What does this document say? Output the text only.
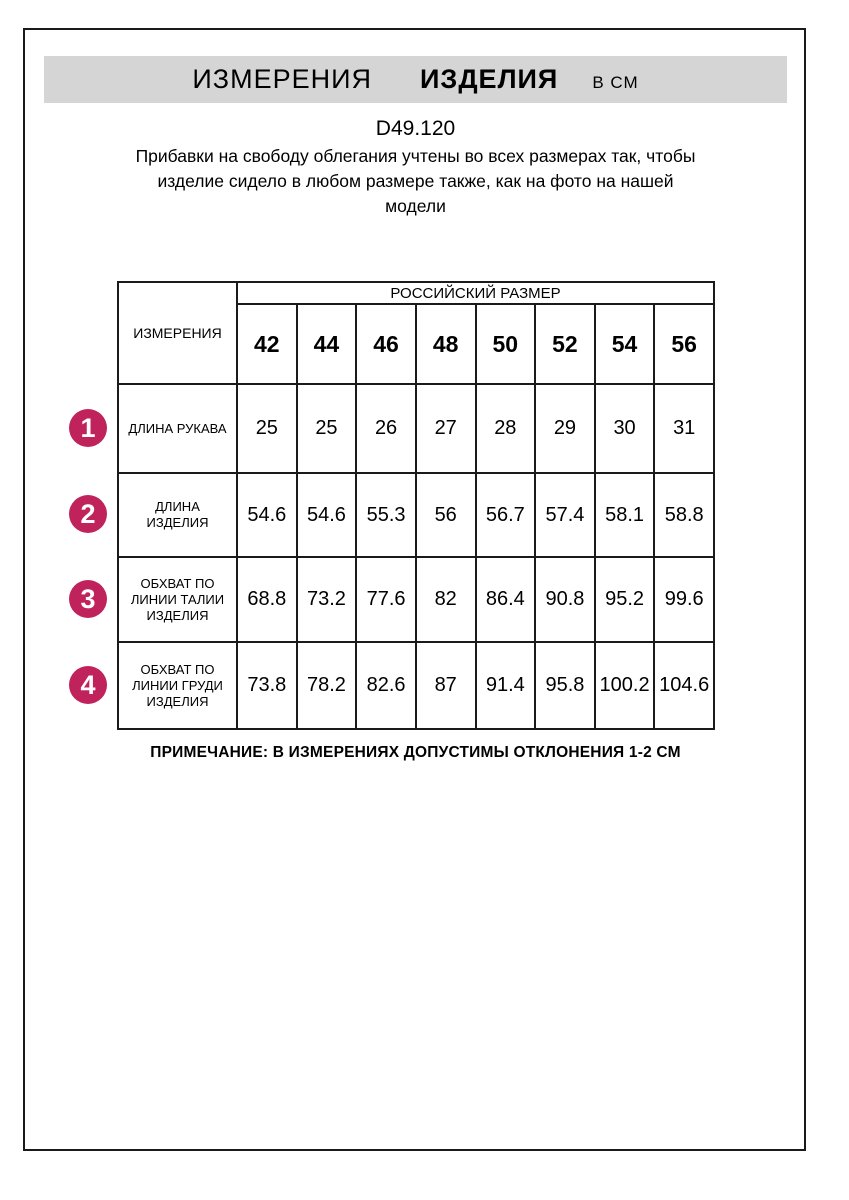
ИЗМЕРЕНИЯ ИЗДЕЛИЯ В СМ
D49.120
Прибавки на свободу облегания учтены во всех размерах так, чтобы
изделие сидело в любом размере также, как на фото на нашей
модели
ИЗМЕРЕНИЯ	РОССИЙСКИЙ РАЗМЕР							
	42	44	46	48	50	52	54	56

ДЛИНА РУКАВА	25	25	26	27	28	29	30	31

ДЛИНА
ИЗДЕЛИЯ	54.6	54.6	55.3	56	56.7	57.4	58.1	58.8

ОБХВАТ ПО
ЛИНИИ ТАЛИИ
ИЗДЕЛИЯ	68.8	73.2	77.6	82	86.4	90.8	95.2	99.6

ОБХВАТ ПО
ЛИНИИ ГРУДИ
ИЗДЕЛИЯ	73.8	78.2	82.6	87	91.4	95.8	100.2	104.6
1
2
3
4
ПРИМЕЧАНИЕ: В ИЗМЕРЕНИЯХ ДОПУСТИМЫ ОТКЛОНЕНИЯ 1-2 СМ
